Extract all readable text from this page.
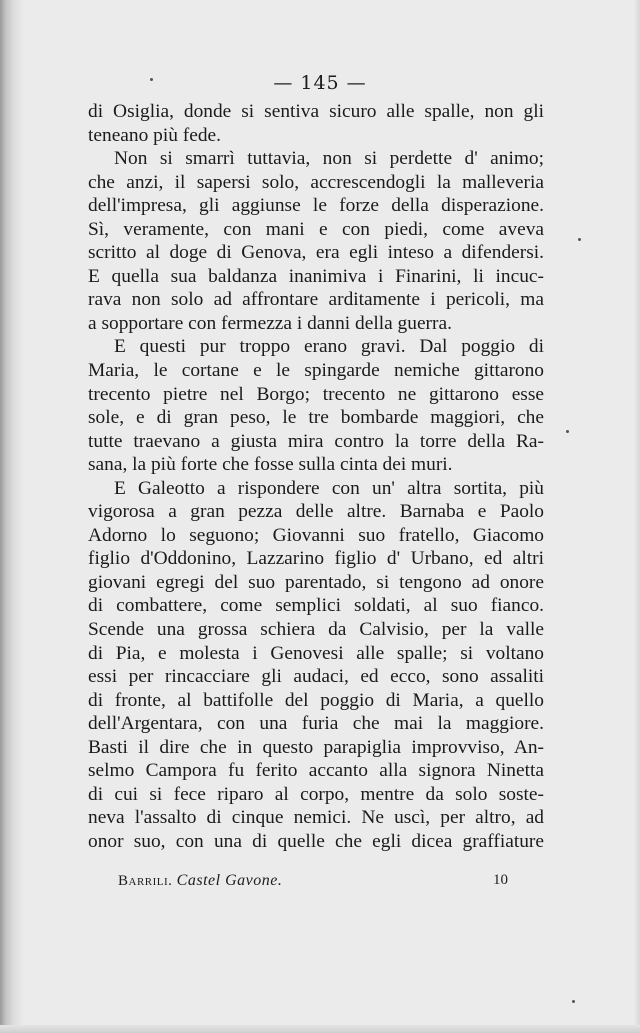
— 145 —
di Osiglia, donde si sentiva sicuro alle spalle, non gli
teneano più fede.
Non si smarrì tuttavia, non si perdette d' animo;
che anzi, il sapersi solo, accrescendogli la malleveria
dell'impresa, gli aggiunse le forze della disperazione.
Sì, veramente, con mani e con piedi, come aveva
scritto al doge di Genova, era egli inteso a difendersi.
E quella sua baldanza inanimiva i Finarini, li incuc-
rava non solo ad affrontare arditamente i pericoli, ma
a sopportare con fermezza i danni della guerra.
E questi pur troppo erano gravi. Dal poggio di
Maria, le cortane e le spingarde nemiche gittarono
trecento pietre nel Borgo; trecento ne gittarono esse
sole, e di gran peso, le tre bombarde maggiori, che
tutte traevano a giusta mira contro la torre della Ra-
sana, la più forte che fosse sulla cinta dei muri.
E Galeotto a rispondere con un' altra sortita, più
vigorosa a gran pezza delle altre. Barnaba e Paolo
Adorno lo seguono; Giovanni suo fratello, Giacomo
figlio d'Oddonino, Lazzarino figlio d' Urbano, ed altri
giovani egregi del suo parentado, si tengono ad onore
di combattere, come semplici soldati, al suo fianco.
Scende una grossa schiera da Calvisio, per la valle
di Pia, e molesta i Genovesi alle spalle; si voltano
essi per rincacciare gli audaci, ed ecco, sono assaliti
di fronte, al battifolle del poggio di Maria, a quello
dell'Argentara, con una furia che mai la maggiore.
Basti il dire che in questo parapiglia improvviso, An-
selmo Campora fu ferito accanto alla signora Ninetta
di cui si fece riparo al corpo, mentre da solo soste-
neva l'assalto di cinque nemici. Ne uscì, per altro, ad
onor suo, con una di quelle che egli dicea graffiature
Barrili. Castel Gavone.	10
